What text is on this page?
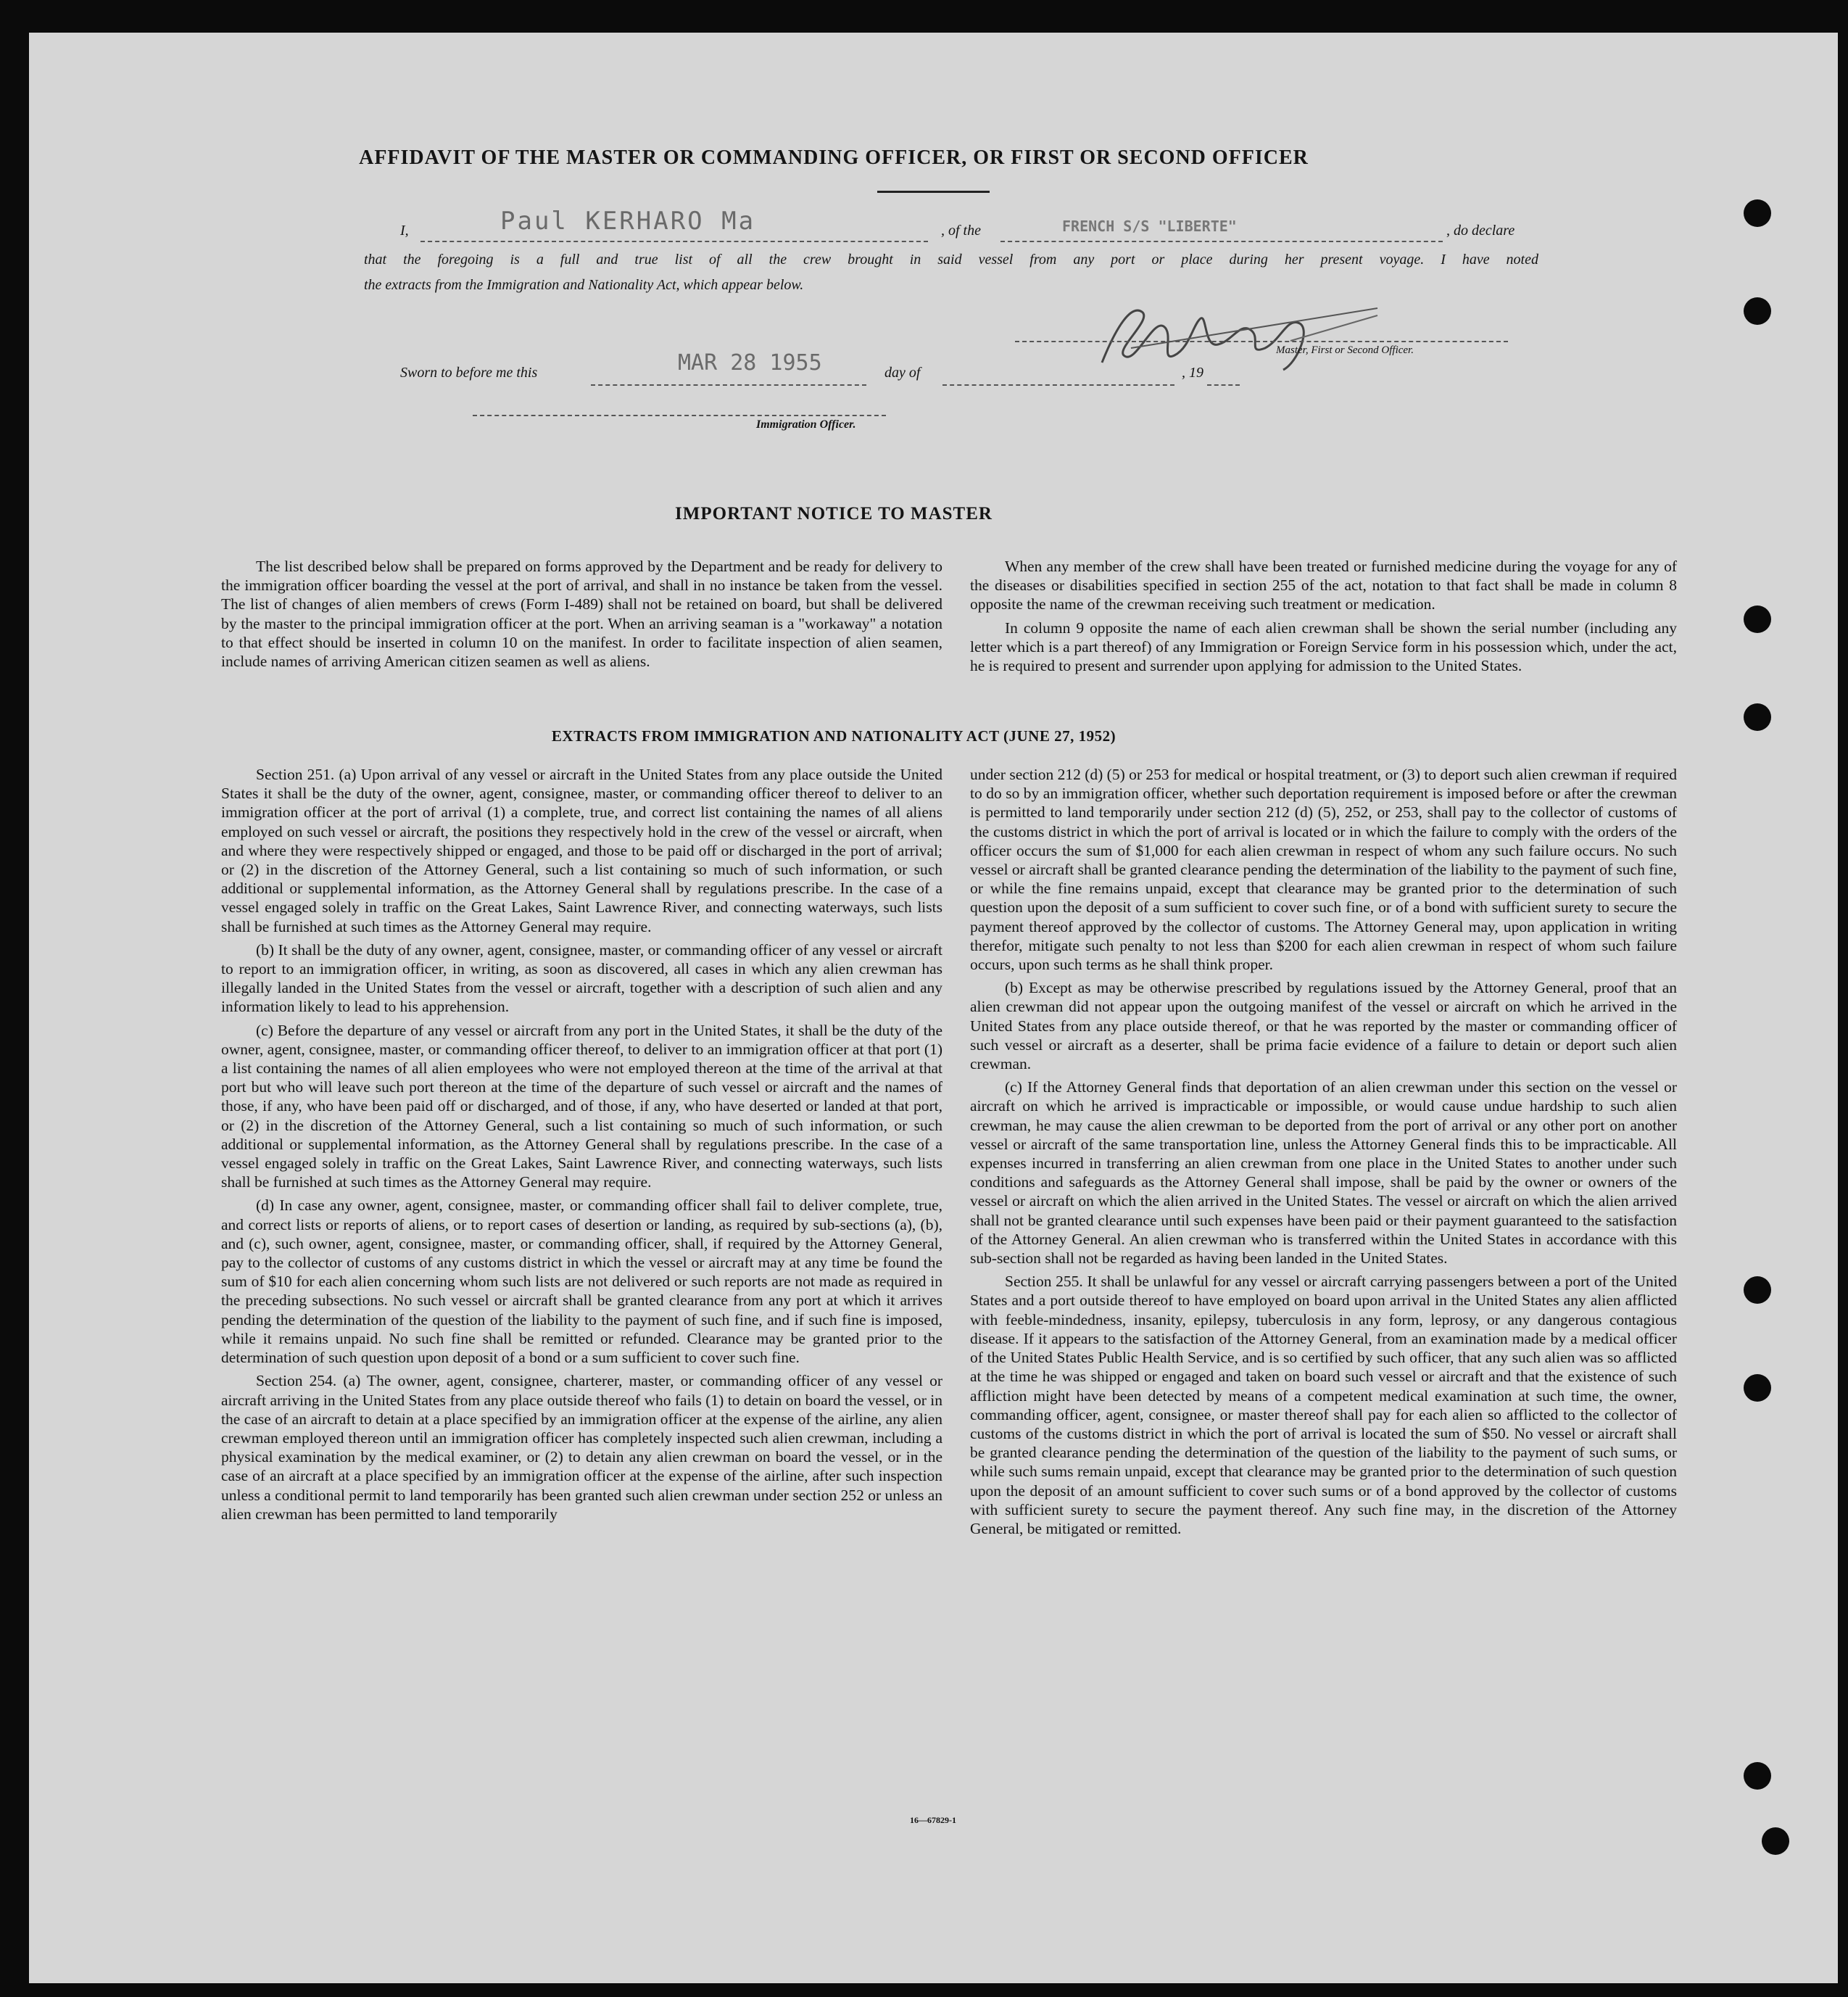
AFFIDAVIT OF THE MASTER OR COMMANDING OFFICER, OR FIRST OR SECOND OFFICER
I,	Paul KERHARO Ma	, of the	FRENCH S/S "LIBERTE"	, do declare
that the foregoing is a full and true list of all the crew brought in said vessel from any port or place during her present voyage. I have noted
the extracts from the Immigration and Nationality Act, which appear below.
Master, First or Second Officer.
Sworn to before me this	MAR 28 1955	day of	, 19
Immigration Officer.
IMPORTANT NOTICE TO MASTER

The list described below shall be prepared on forms approved by the Department and be ready for delivery to the immigration officer boarding the vessel at the port of arrival, and shall in no instance be taken from the vessel. The list of changes of alien members of crews (Form I-489) shall not be retained on board, but shall be delivered by the master to the principal immigration officer at the port. When an arriving seaman is a "workaway" a notation to that effect should be inserted in column 10 on the manifest. In order to facilitate inspection of alien seamen, include names of arriving American citizen seamen as well as aliens.

When any member of the crew shall have been treated or furnished medicine during the voyage for any of the diseases or disabilities specified in section 255 of the act, notation to that fact shall be made in column 8 opposite the name of the crewman receiving such treatment or medication.

In column 9 opposite the name of each alien crewman shall be shown the serial number (including any letter which is a part thereof) of any Immigration or Foreign Service form in his possession which, under the act, he is required to present and surrender upon applying for admission to the United States.

EXTRACTS FROM IMMIGRATION AND NATIONALITY ACT (JUNE 27, 1952)

Section 251. (a) Upon arrival of any vessel or aircraft in the United States from any place outside the United States it shall be the duty of the owner, agent, consignee, master, or commanding officer thereof to deliver to an immigration officer at the port of arrival (1) a complete, true, and correct list containing the names of all aliens employed on such vessel or aircraft, the positions they respectively hold in the crew of the vessel or aircraft, when and where they were respectively shipped or engaged, and those to be paid off or discharged in the port of arrival; or (2) in the discretion of the Attorney General, such a list containing so much of such information, or such additional or supplemental information, as the Attorney General shall by regulations prescribe. In the case of a vessel engaged solely in traffic on the Great Lakes, Saint Lawrence River, and connecting waterways, such lists shall be furnished at such times as the Attorney General may require.

(b) It shall be the duty of any owner, agent, consignee, master, or commanding officer of any vessel or aircraft to report to an immigration officer, in writing, as soon as discovered, all cases in which any alien crewman has illegally landed in the United States from the vessel or aircraft, together with a description of such alien and any information likely to lead to his apprehension.

(c) Before the departure of any vessel or aircraft from any port in the United States, it shall be the duty of the owner, agent, consignee, master, or commanding officer thereof, to deliver to an immigration officer at that port (1) a list containing the names of all alien employees who were not employed thereon at the time of the arrival at that port but who will leave such port thereon at the time of the departure of such vessel or aircraft and the names of those, if any, who have been paid off or discharged, and of those, if any, who have deserted or landed at that port, or (2) in the discretion of the Attorney General, such a list containing so much of such information, or such additional or supplemental information, as the Attorney General shall by regulations prescribe. In the case of a vessel engaged solely in traffic on the Great Lakes, Saint Lawrence River, and connecting waterways, such lists shall be furnished at such times as the Attorney General may require.

(d) In case any owner, agent, consignee, master, or commanding officer shall fail to deliver complete, true, and correct lists or reports of aliens, or to report cases of desertion or landing, as required by sub-sections (a), (b), and (c), such owner, agent, consignee, master, or commanding officer, shall, if required by the Attorney General, pay to the collector of customs of any customs district in which the vessel or aircraft may at any time be found the sum of $10 for each alien concerning whom such lists are not delivered or such reports are not made as required in the preceding subsections. No such vessel or aircraft shall be granted clearance from any port at which it arrives pending the determination of the question of the liability to the payment of such fine, and if such fine is imposed, while it remains unpaid. No such fine shall be remitted or refunded. Clearance may be granted prior to the determination of such question upon deposit of a bond or a sum sufficient to cover such fine.

Section 254. (a) The owner, agent, consignee, charterer, master, or commanding officer of any vessel or aircraft arriving in the United States from any place outside thereof who fails (1) to detain on board the vessel, or in the case of an aircraft to detain at a place specified by an immigration officer at the expense of the airline, any alien crewman employed thereon until an immigration officer has completely inspected such alien crewman, including a physical examination by the medical examiner, or (2) to detain any alien crewman on board the vessel, or in the case of an aircraft at a place specified by an immigration officer at the expense of the airline, after such inspection unless a conditional permit to land temporarily has been granted such alien crewman under section 252 or unless an alien crewman has been permitted to land temporarily

under section 212 (d) (5) or 253 for medical or hospital treatment, or (3) to deport such alien crewman if required to do so by an immigration officer, whether such deportation requirement is imposed before or after the crewman is permitted to land temporarily under section 212 (d) (5), 252, or 253, shall pay to the collector of customs of the customs district in which the port of arrival is located or in which the failure to comply with the orders of the officer occurs the sum of $1,000 for each alien crewman in respect of whom any such failure occurs. No such vessel or aircraft shall be granted clearance pending the determination of the liability to the payment of such fine, or while the fine remains unpaid, except that clearance may be granted prior to the determination of such question upon the deposit of a sum sufficient to cover such fine, or of a bond with sufficient surety to secure the payment thereof approved by the collector of customs. The Attorney General may, upon application in writing therefor, mitigate such penalty to not less than $200 for each alien crewman in respect of whom such failure occurs, upon such terms as he shall think proper.

(b) Except as may be otherwise prescribed by regulations issued by the Attorney General, proof that an alien crewman did not appear upon the outgoing manifest of the vessel or aircraft on which he arrived in the United States from any place outside thereof, or that he was reported by the master or commanding officer of such vessel or aircraft as a deserter, shall be prima facie evidence of a failure to detain or deport such alien crewman.

(c) If the Attorney General finds that deportation of an alien crewman under this section on the vessel or aircraft on which he arrived is impracticable or impossible, or would cause undue hardship to such alien crewman, he may cause the alien crewman to be deported from the port of arrival or any other port on another vessel or aircraft of the same transportation line, unless the Attorney General finds this to be impracticable. All expenses incurred in transferring an alien crewman from one place in the United States to another under such conditions and safeguards as the Attorney General shall impose, shall be paid by the owner or owners of the vessel or aircraft on which the alien arrived in the United States. The vessel or aircraft on which the alien arrived shall not be granted clearance until such expenses have been paid or their payment guaranteed to the satisfaction of the Attorney General. An alien crewman who is transferred within the United States in accordance with this sub-section shall not be regarded as having been landed in the United States.

Section 255. It shall be unlawful for any vessel or aircraft carrying passengers between a port of the United States and a port outside thereof to have employed on board upon arrival in the United States any alien afflicted with feeble-mindedness, insanity, epilepsy, tuberculosis in any form, leprosy, or any dangerous contagious disease. If it appears to the satisfaction of the Attorney General, from an examination made by a medical officer of the United States Public Health Service, and is so certified by such officer, that any such alien was so afflicted at the time he was shipped or engaged and taken on board such vessel or aircraft and that the existence of such affliction might have been detected by means of a competent medical examination at such time, the owner, commanding officer, agent, consignee, or master thereof shall pay for each alien so afflicted to the collector of customs of the customs district in which the port of arrival is located the sum of $50. No vessel or aircraft shall be granted clearance pending the determination of the question of the liability to the payment of such sums, or while such sums remain unpaid, except that clearance may be granted prior to the determination of such question upon the deposit of an amount sufficient to cover such sums or of a bond approved by the collector of customs with sufficient surety to secure the payment thereof. Any such fine may, in the discretion of the Attorney General, be mitigated or remitted.

16—67829-1
